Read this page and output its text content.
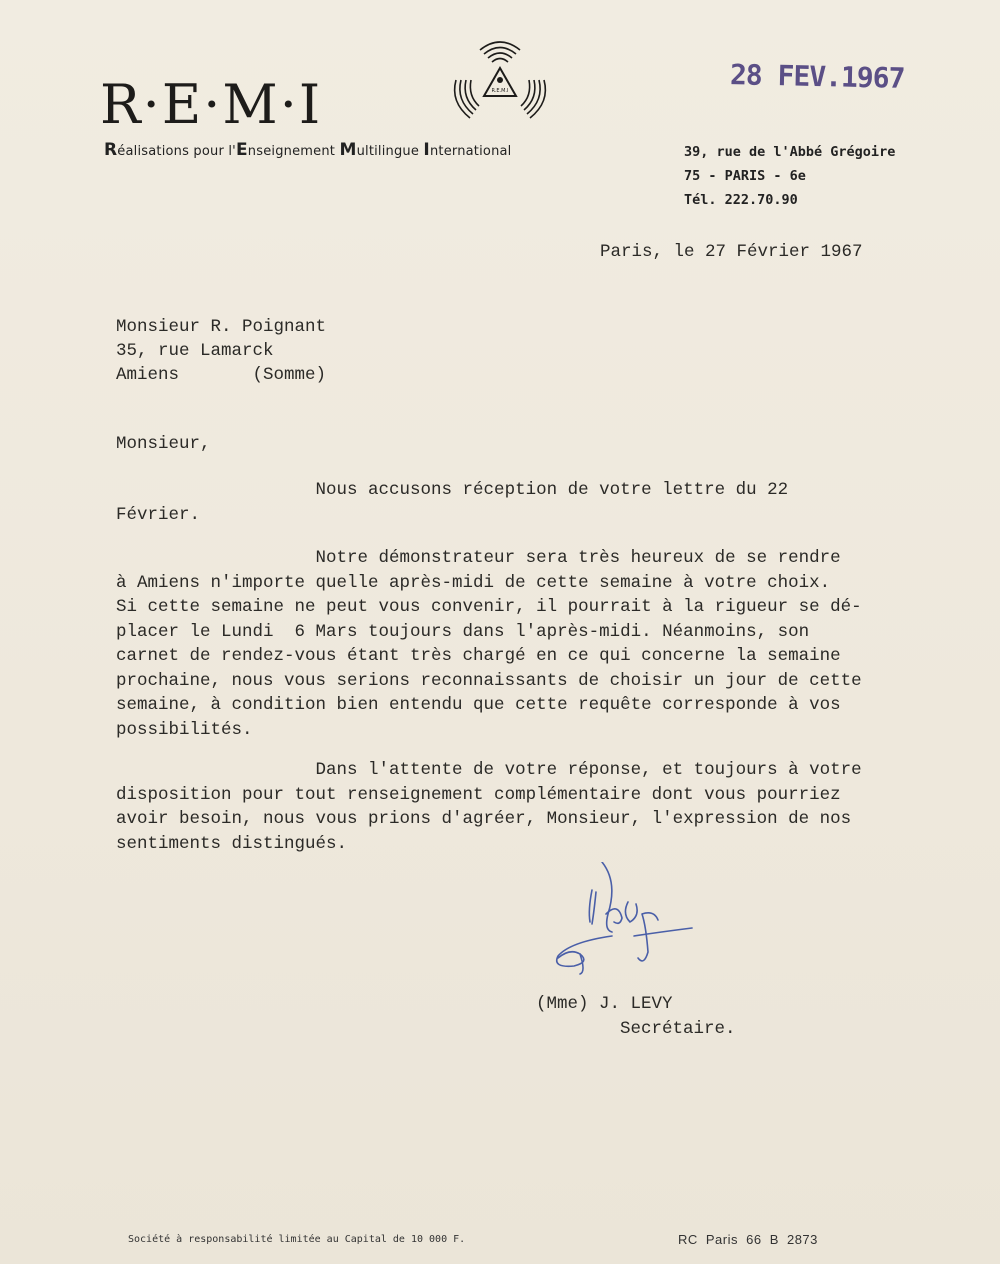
R·E·M·I
Réalisations pour l'Enseignement Multilingue International
R.E.M.I	28 FEV.1967
39, rue de l'Abbé Grégoire
75 - PARIS - 6e
Tél. 222.70.90
Paris, le 27 Février 1967
Monsieur R. Poignant
35, rue Lamarck
Amiens       (Somme)
Monsieur,
Nous accusons réception de votre lettre du 22
Février.
Notre démonstrateur sera très heureux de se rendre
à Amiens n'importe quelle après-midi de cette semaine à votre choix.
Si cette semaine ne peut vous convenir, il pourrait à la rigueur se dé-
placer le Lundi  6 Mars toujours dans l'après-midi. Néanmoins, son
carnet de rendez-vous étant très chargé en ce qui concerne la semaine
prochaine, nous vous serions reconnaissants de choisir un jour de cette
semaine, à condition bien entendu que cette requête corresponde à vos
possibilités.
Dans l'attente de votre réponse, et toujours à votre
disposition pour tout renseignement complémentaire dont vous pourriez
avoir besoin, nous vous prions d'agréer, Monsieur, l'expression de nos
sentiments distingués.
(Mme) J. LEVY
Secrétaire.
Société à responsabilité limitée au Capital de 10 000 F.	RC Paris 66 B 2873
